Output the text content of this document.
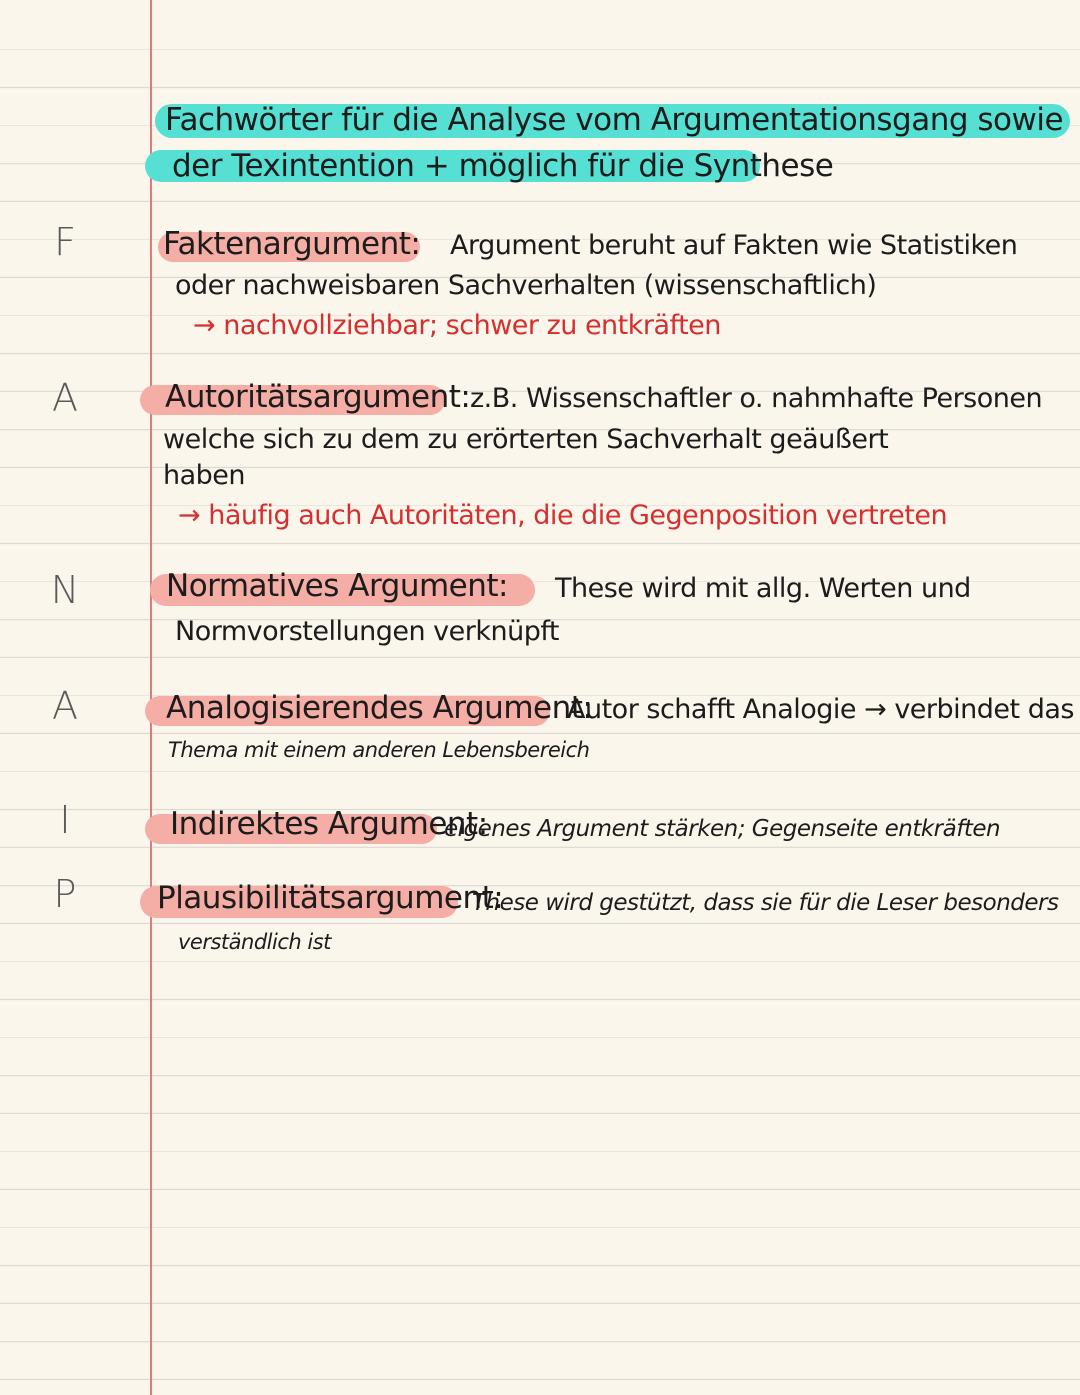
Fachwörter für die Analyse vom Argumentationsgang sowie
der Texintention + möglich für die Synthese
F	Faktenargument: Argument beruht auf Fakten wie Statistiken
oder nachweisbaren Sachverhalten (wissenschaftlich)
→ nachvollziehbar; schwer zu entkräften
A	Autoritätsargument: z.B. Wissenschaftler o. nahmhafte Personen
welche sich zu dem zu erörterten Sachverhalt geäußert
haben
→ häufig auch Autoritäten, die die Gegenposition vertreten
N	Normatives Argument: These wird mit allg. Werten und
Normvorstellungen verknüpft
A	Analogisierendes Argument:
Autor schafft Analogie → verbindet das
Thema mit einem anderen Lebensbereich
I	Indirektes Argument:
eigenes Argument stärken; Gegenseite entkräften
P	Plausibilitätsargument:
These wird gestützt, dass sie für die Leser besonders
verständlich ist
